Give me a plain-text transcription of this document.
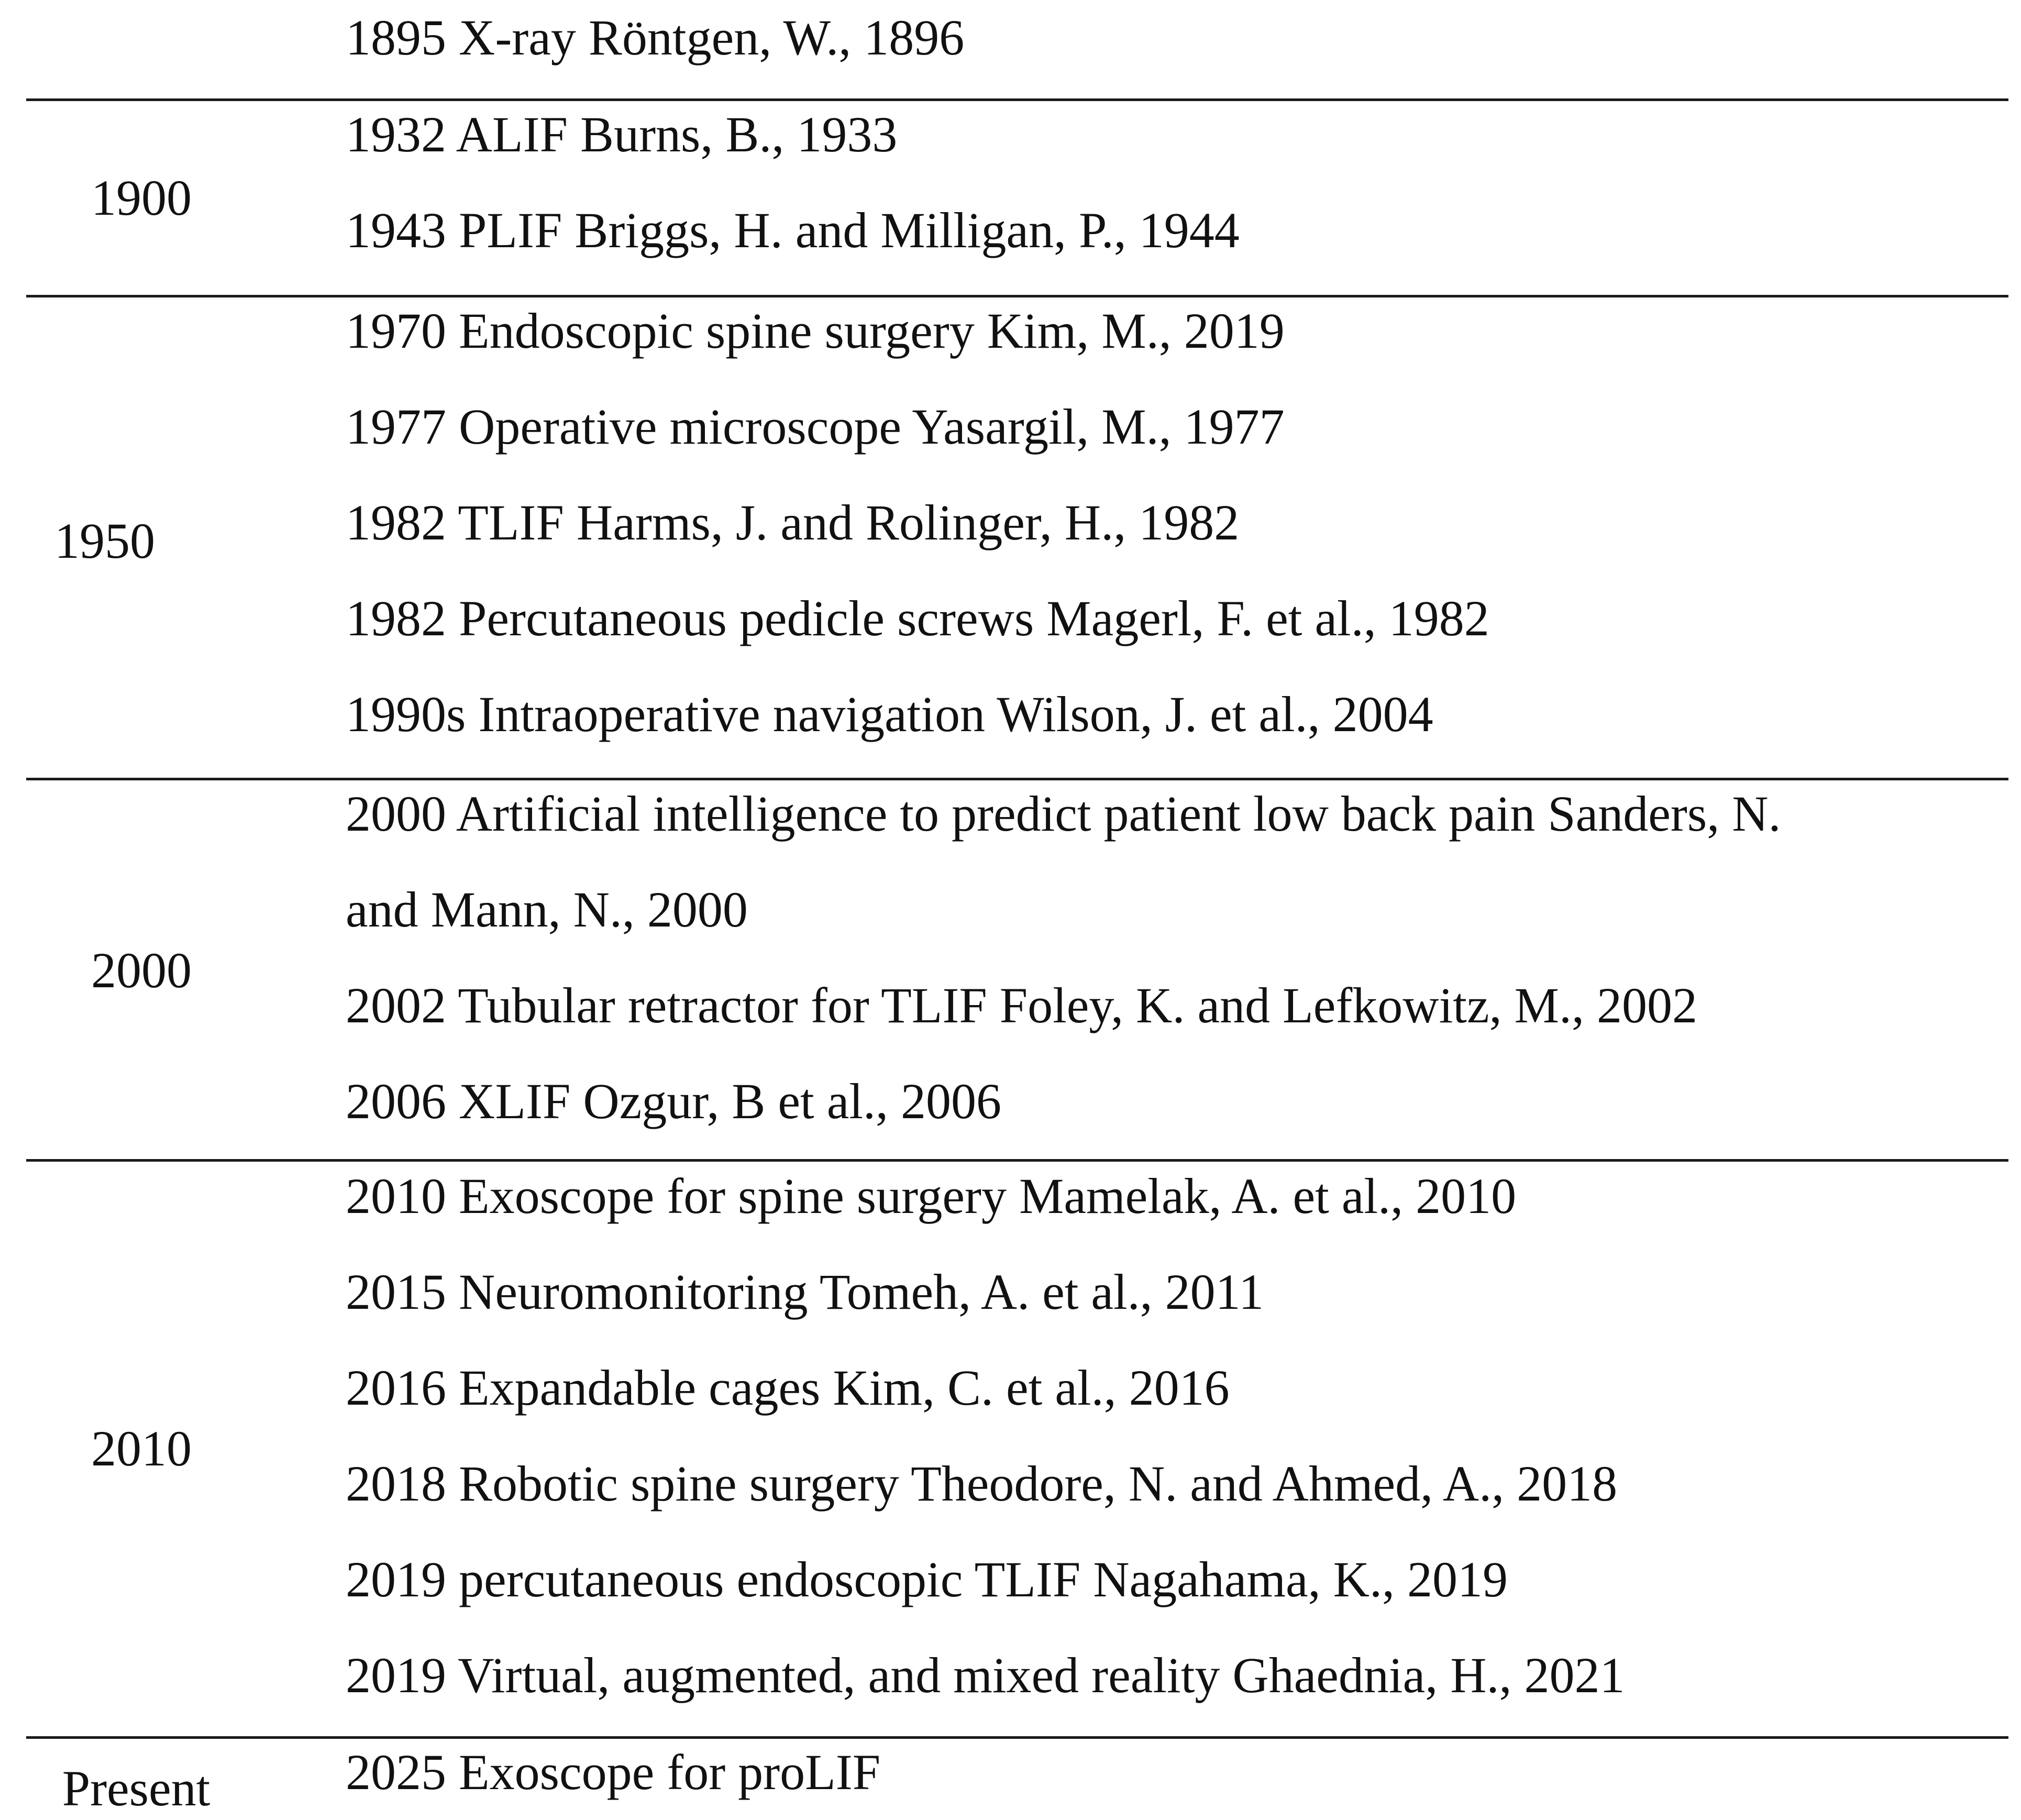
1900
1950
2000
2010
Present
1895 X-ray Röntgen, W., 1896
1932 ALIF Burns, B., 1933
1943 PLIF Briggs, H. and Milligan, P., 1944
1970 Endoscopic spine surgery Kim, M., 2019
1977 Operative microscope Yasargil, M., 1977
1982 TLIF Harms, J. and Rolinger, H., 1982
1982 Percutaneous pedicle screws Magerl, F. et al., 1982
1990s Intraoperative navigation Wilson, J. et al., 2004
2000 Artificial intelligence to predict patient low back pain Sanders, N.
and Mann, N., 2000
2002 Tubular retractor for TLIF Foley, K. and Lefkowitz, M., 2002
2006 XLIF Ozgur, B et al., 2006
2010 Exoscope for spine surgery Mamelak, A. et al., 2010
2015 Neuromonitoring Tomeh, A. et al., 2011
2016 Expandable cages Kim, C. et al., 2016
2018 Robotic spine surgery Theodore, N. and Ahmed, A., 2018
2019 percutaneous endoscopic TLIF Nagahama, K., 2019
2019 Virtual, augmented, and mixed reality Ghaednia, H., 2021
2025 Exoscope for proLIF
